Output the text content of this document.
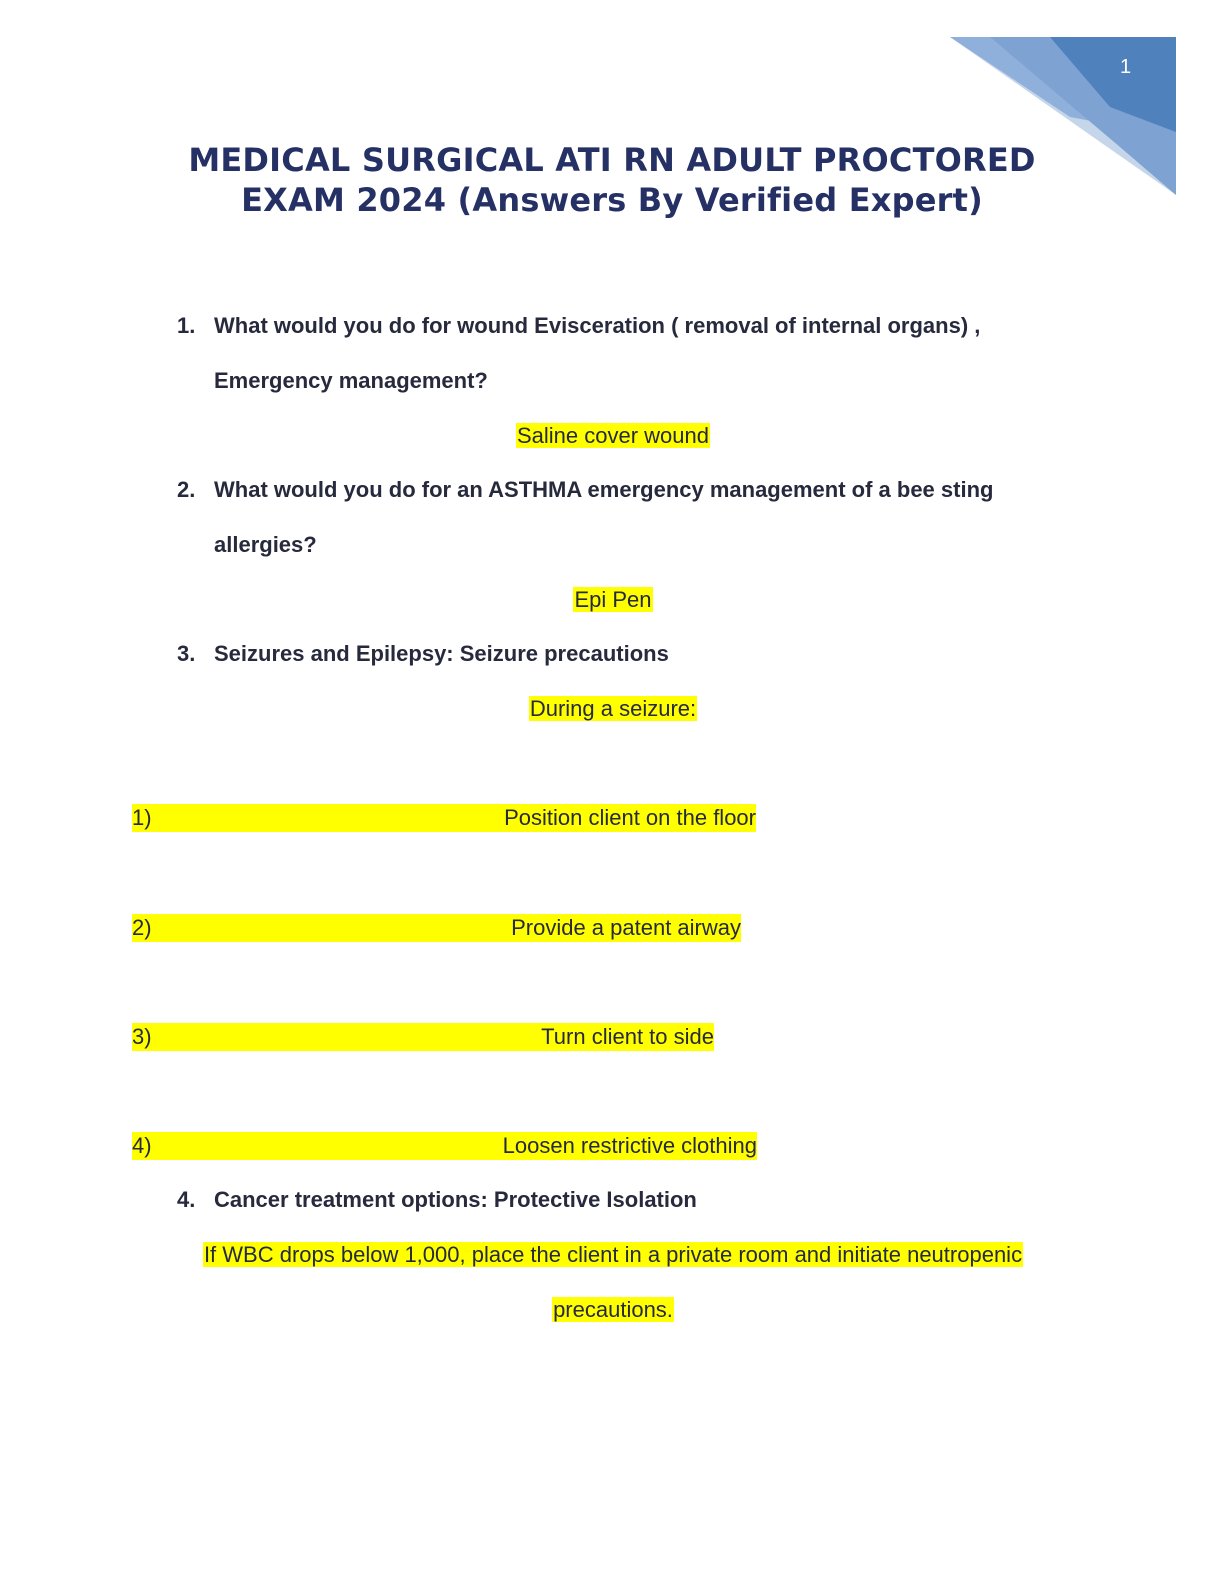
1
MEDICAL SURGICAL ATI RN ADULT PROCTORED
EXAM 2024 (Answers By Verified Expert)
1. What would you do for wound Evisceration ( removal of internal organs) ,
Emergency management?
Saline cover wound
2. What would you do for an ASTHMA emergency management of a bee sting
allergies?
Epi Pen
3. Seizures and Epilepsy: Seizure precautions
During a seizure:
1)	Position client on the floor
2)	Provide a patent airway
3)	Turn client to side
4)	Loosen restrictive clothing
4. Cancer treatment options: Protective Isolation
If WBC drops below 1,000, place the client in a private room and initiate neutropenic
precautions.
